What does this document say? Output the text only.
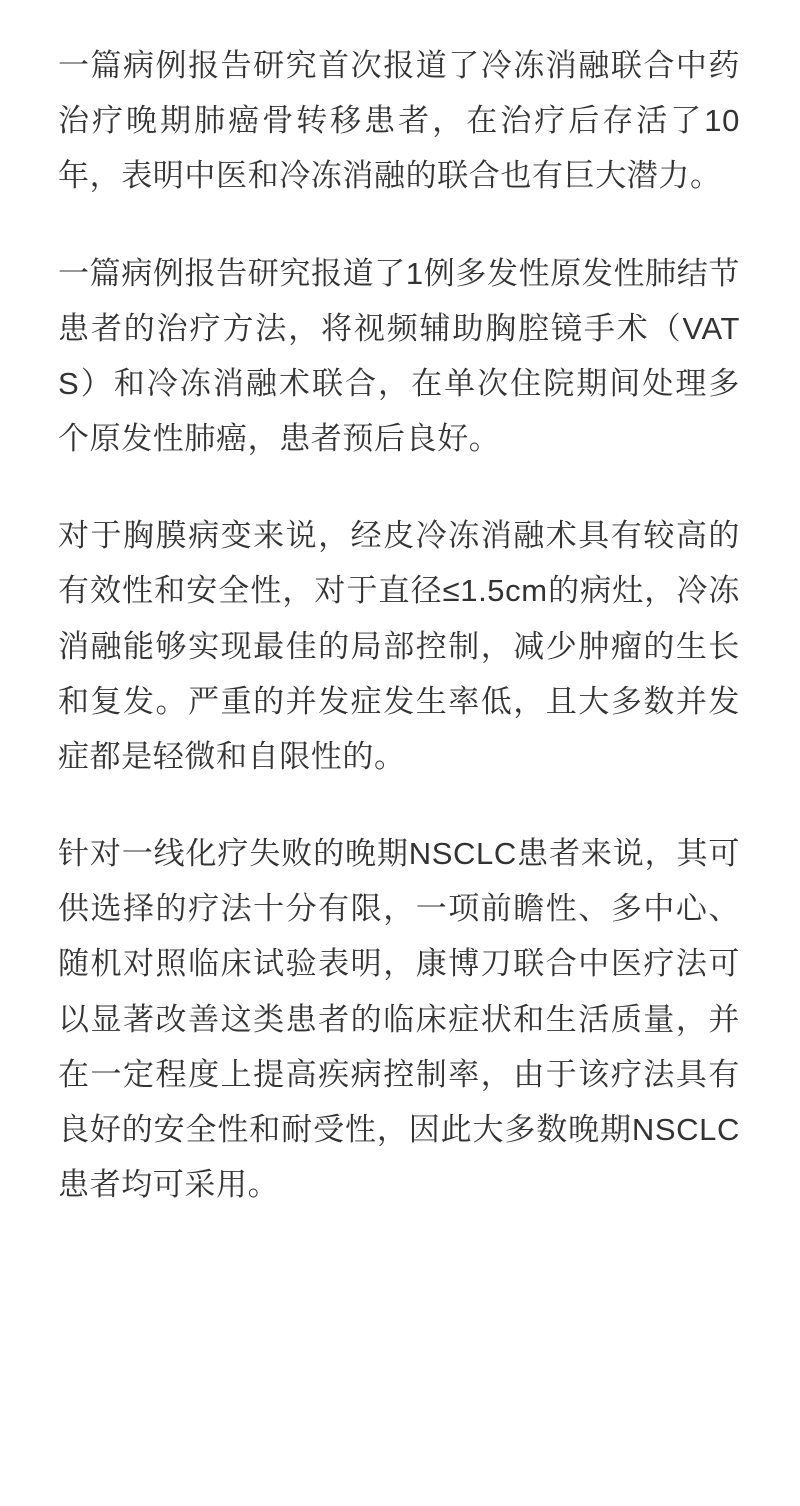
一篇病例报告研究首次报道了冷冻消融联合中药治疗晚期肺癌骨转移患者，在治疗后存活了10年，表明中医和冷冻消融的联合也有巨大潜力。

一篇病例报告研究报道了1例多发性原发性肺结节患者的治疗方法，将视频辅助胸腔镜手术（VATS）和冷冻消融术联合，在单次住院期间处理多个原发性肺癌，患者预后良好。

对于胸膜病变来说，经皮冷冻消融术具有较高的有效性和安全性，对于直径≤1.5cm的病灶，冷冻消融能够实现最佳的局部控制，减少肿瘤的生长和复发。严重的并发症发生率低，且大多数并发症都是轻微和自限性的。

针对一线化疗失败的晚期NSCLC患者来说，其可供选择的疗法十分有限，一项前瞻性、多中心、随机对照临床试验表明，康博刀联合中医疗法可以显著改善这类患者的临床症状和生活质量，并在一定程度上提高疾病控制率，由于该疗法具有良好的安全性和耐受性，因此大多数晚期NSCLC患者均可采用。
